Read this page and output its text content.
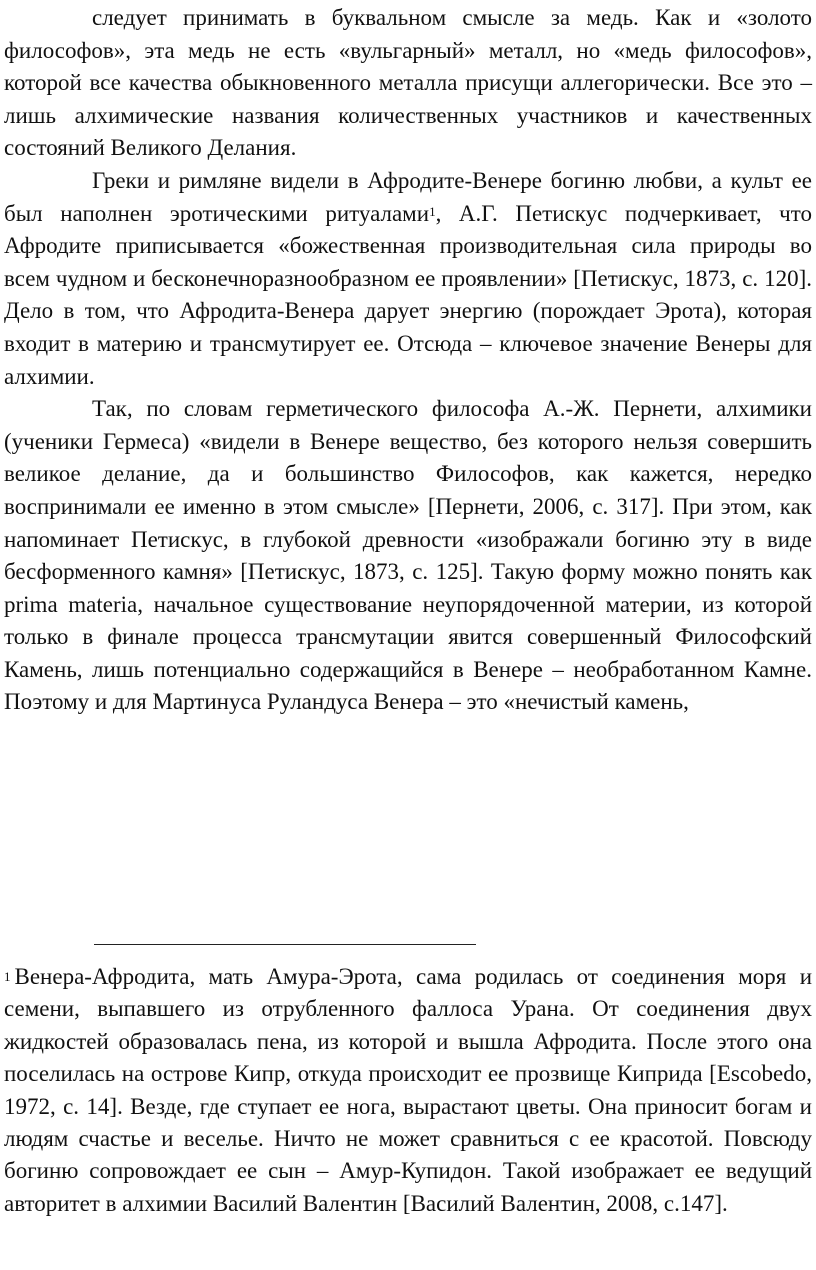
следует принимать в буквальном смысле за медь. Как и «золото философов», эта медь не есть «вульгарный» металл, но «медь философов», которой все качества обыкновенного металла присущи аллегорически. Все это – лишь алхимические названия количественных участников и качественных состояний Великого Делания.

Греки и римляне видели в Афродите-Венере богиню любви, а культ ее был наполнен эротическими ритуалами$^1$, А.Г. Петискус подчеркивает, что Афродите приписывается «божественная производительная сила природы во всем чудном и бесконечноразнообразном ее проявлении» [Петискус, 1873, с. 120]. Дело в том, что Афродита-Венера дарует энергию (порождает Эрота), которая входит в материю и трансмутирует ее. Отсюда – ключевое значение Венеры для алхимии.

Так, по словам герметического философа А.-Ж. Пернети, алхимики (ученики Гермеса) «видели в Венере вещество, без которого нельзя совершить великое делание, да и большинство Философов, как кажется, нередко воспринимали ее именно в этом смысле» [Пернети, 2006, с. 317]. При этом, как напоминает Петискус, в глубокой древности «изображали богиню эту в виде бесформенного камня» [Петискус, 1873, с. 125]. Такую форму можно понять как prima materia, начальное существование неупорядоченной материи, из которой только в финале процесса трансмутации явится совершенный Философский Камень, лишь потенциально содержащийся в Венере – необработанном Камне. Поэтому и для Мартинуса Руландуса Венера – это «нечистый камень,

$^1$ Венера-Афродита, мать Амура-Эрота, сама родилась от соединения моря и семени, выпавшего из отрубленного фаллоса Урана. От соединения двух жидкостей образовалась пена, из которой и вышла Афродита. После этого она поселилась на острове Кипр, откуда происходит ее прозвище Киприда [Escobedo, 1972, с. 14]. Везде, где ступает ее нога, вырастают цветы. Она приносит богам и людям счастье и веселье. Ничто не может сравниться с ее красотой. Повсюду богиню сопровождает ее сын – Амур-Купидон. Такой изображает ее ведущий авторитет в алхимии Василий Валентин [Василий Валентин, 2008, с.147].
